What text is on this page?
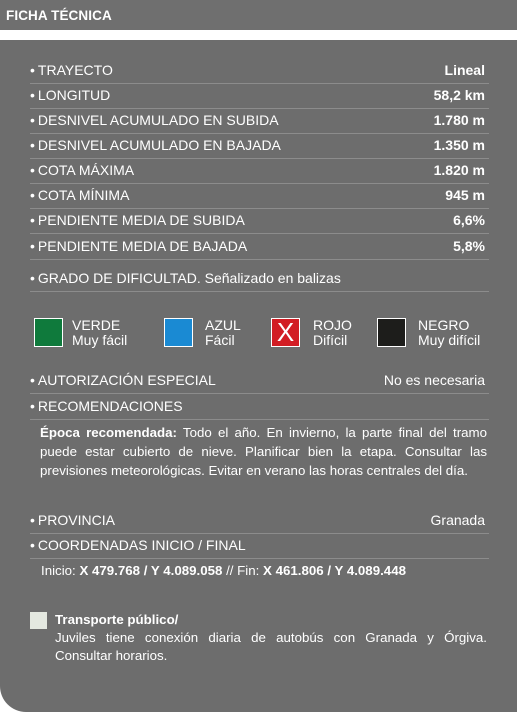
FICHA TÉCNICA
• TRAYECTO	Lineal
• LONGITUD	58,2 km
• DESNIVEL ACUMULADO EN SUBIDA	1.780 m
• DESNIVEL ACUMULADO EN BAJADA	1.350 m
• COTA MÁXIMA	1.820 m
• COTA MÍNIMA	945 m
• PENDIENTE MEDIA DE SUBIDA	6,6%
• PENDIENTE MEDIA DE BAJADA	5,8%
• GRADO DE DIFICULTAD. Señalizado en balizas
VERDE
Muy fácil
AZUL
Fácil X	ROJO
Difícil
NEGRO
Muy difícil
• AUTORIZACIÓN ESPECIAL	No es necesaria
• RECOMENDACIONES
Época recomendada: Todo el año. En invierno, la parte final del tramo puede estar cubierto de nieve. Planificar bien la etapa. Consultar las previsiones meteorológicas. Evitar en verano las horas centrales del día.
• PROVINCIA	Granada
• COORDENADAS INICIO / FINAL
Inicio: X 479.768 / Y 4.089.058 // Fin: X 461.806 / Y 4.089.448
Transporte público/
Juviles tiene conexión diaria de autobús con Granada y Órgiva. Consultar horarios.
